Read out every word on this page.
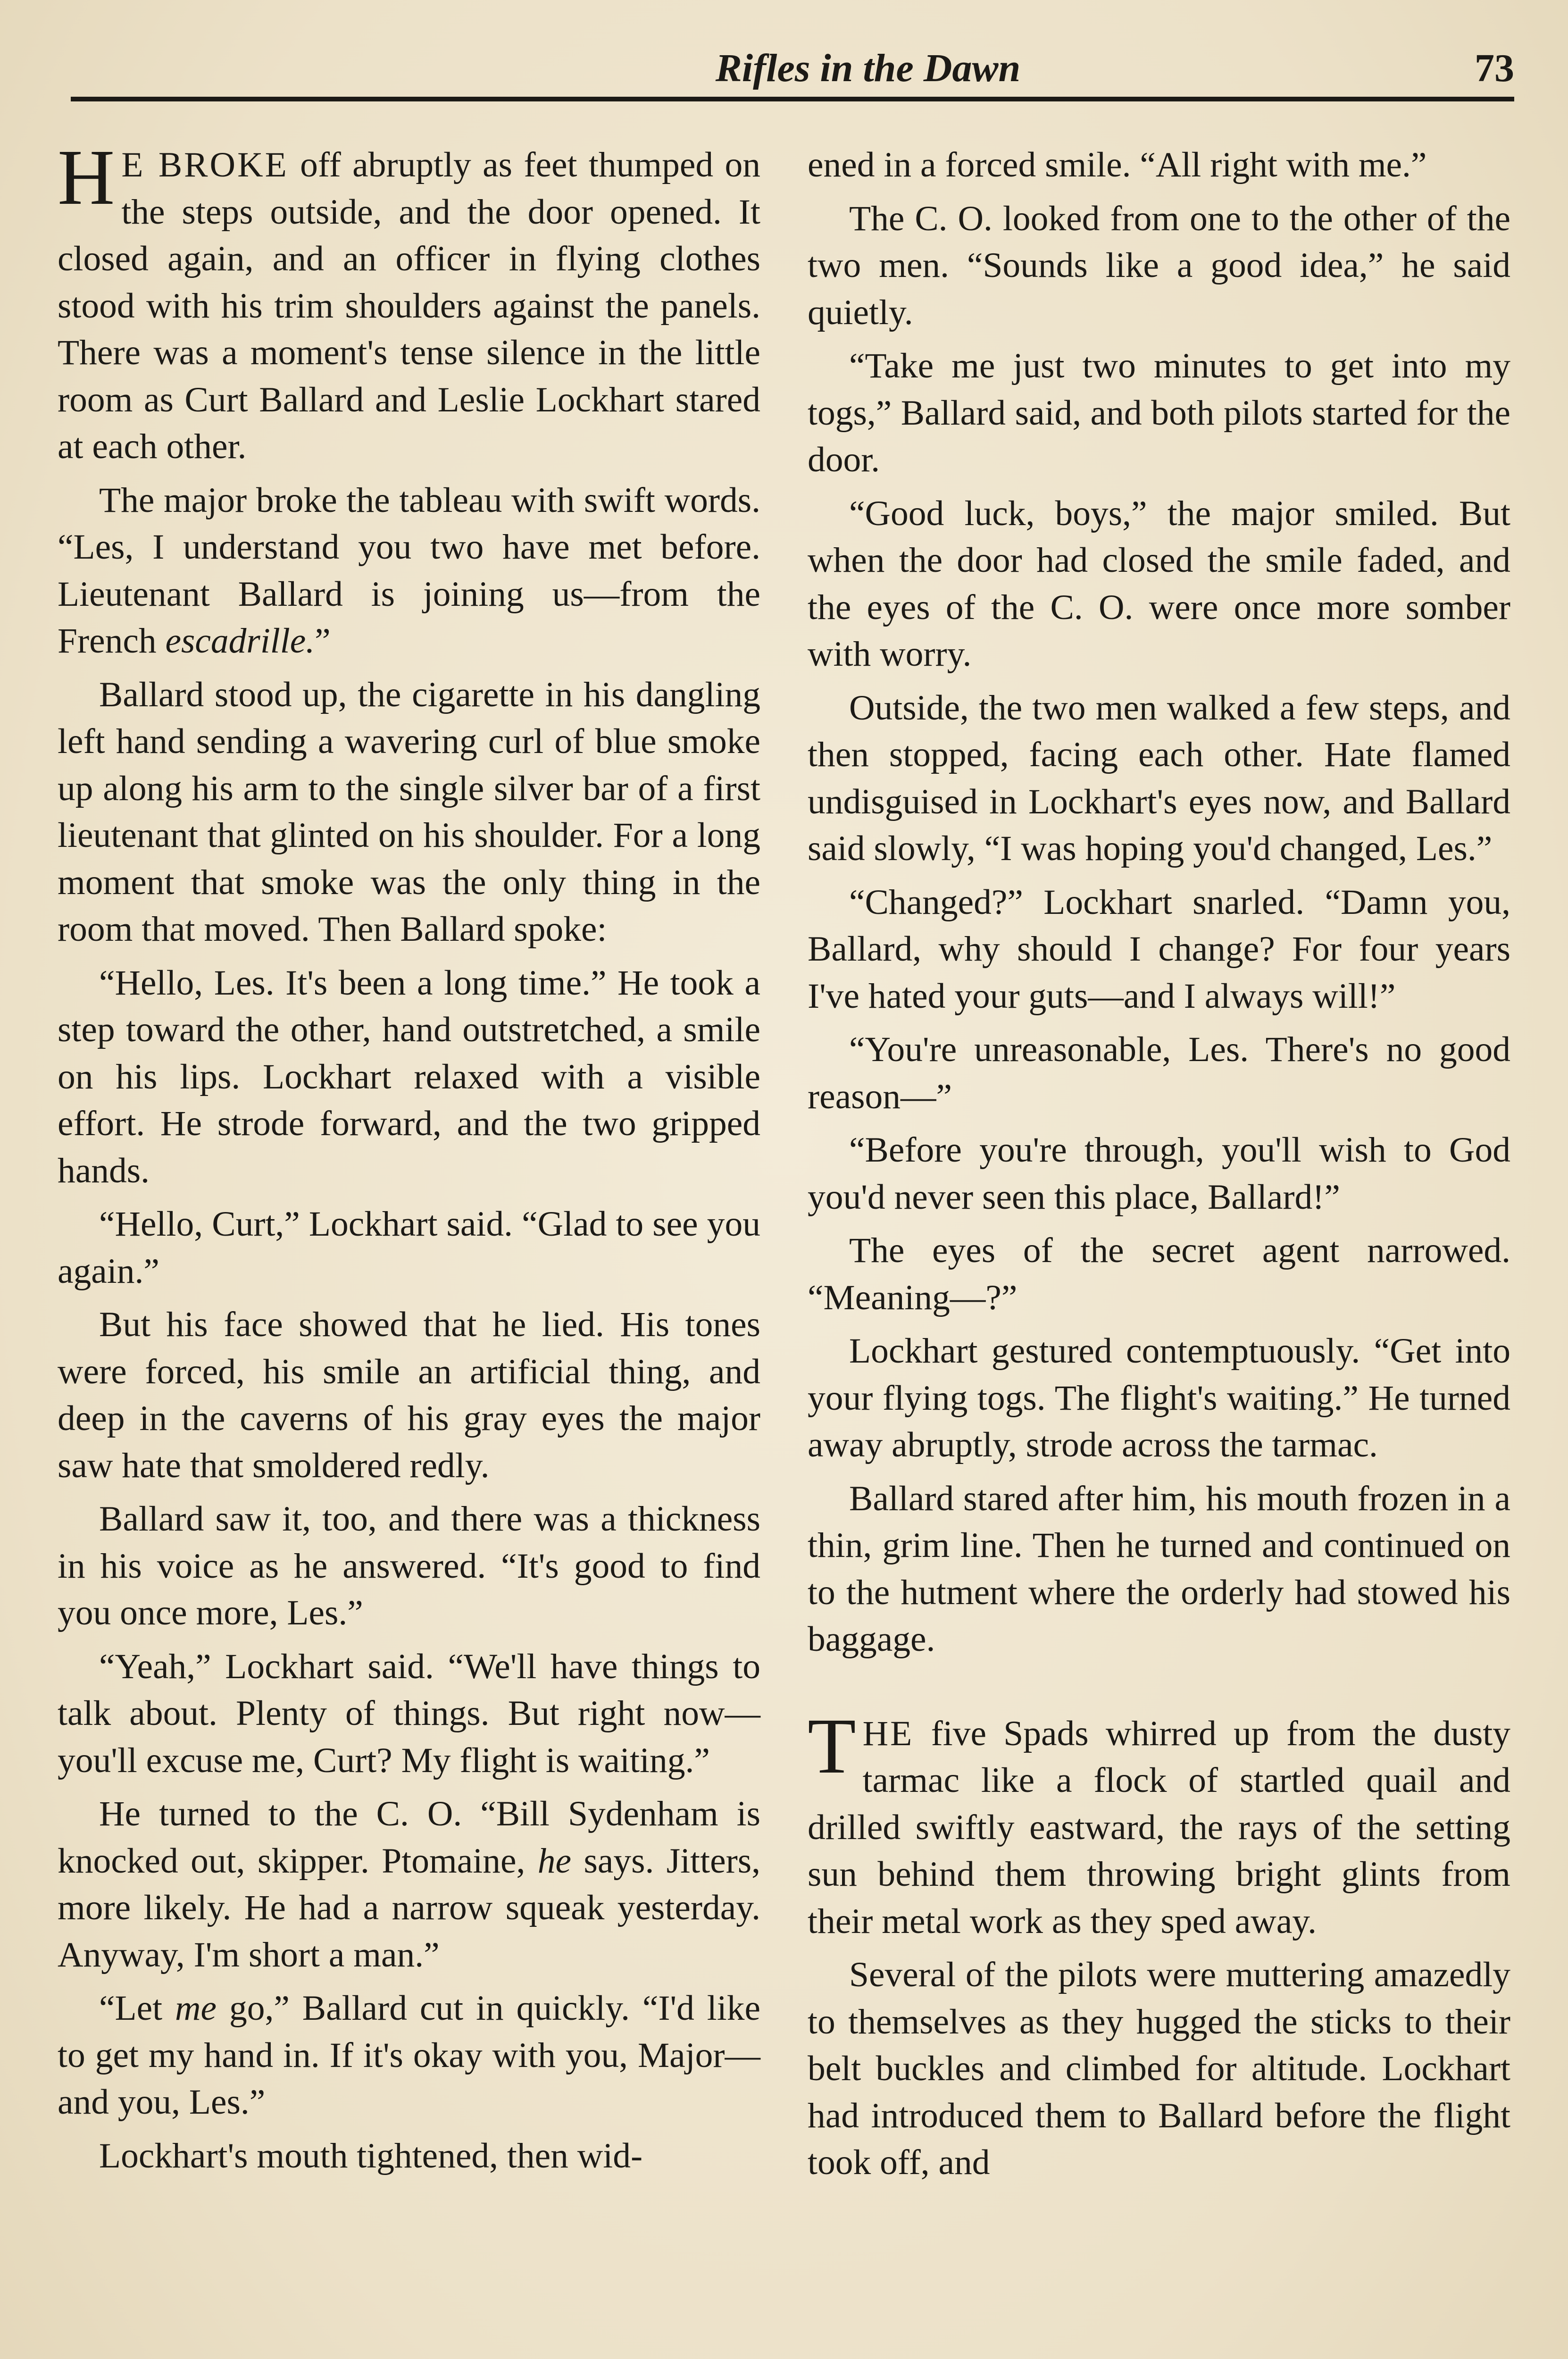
Rifles in the Dawn	73

H E BROKE off abruptly as feet thumped on the steps outside, and the door opened. It closed again, and an officer in flying clothes stood with his trim shoulders against the panels. There was a moment's tense silence in the little room as Curt Ballard and Leslie Lockhart stared at each other.

The major broke the tableau with swift words. “Les, I understand you two have met before. Lieutenant Ballard is joining us—from the French escadrille.”

Ballard stood up, the cigarette in his dangling left hand sending a wavering curl of blue smoke up along his arm to the single silver bar of a first lieutenant that glinted on his shoulder. For a long moment that smoke was the only thing in the room that moved. Then Ballard spoke:

“Hello, Les. It's been a long time.” He took a step toward the other, hand outstretched, a smile on his lips. Lockhart relaxed with a visible effort. He strode forward, and the two gripped hands.

“Hello, Curt,” Lockhart said. “Glad to see you again.”

But his face showed that he lied. His tones were forced, his smile an artificial thing, and deep in the caverns of his gray eyes the major saw hate that smoldered redly.

Ballard saw it, too, and there was a thickness in his voice as he answered. “It's good to find you once more, Les.”

“Yeah,” Lockhart said. “We'll have things to talk about. Plenty of things. But right now—you'll excuse me, Curt? My flight is waiting.”

He turned to the C. O. “Bill Sydenham is knocked out, skipper. Ptomaine, he says. Jitters, more likely. He had a narrow squeak yesterday. Anyway, I'm short a man.”

“Let me go,” Ballard cut in quickly. “I'd like to get my hand in. If it's okay with you, Major—and you, Les.”

Lockhart's mouth tightened, then wid-

ened in a forced smile. “All right with me.”

The C. O. looked from one to the other of the two men. “Sounds like a good idea,” he said quietly.

“Take me just two minutes to get into my togs,” Ballard said, and both pilots started for the door.

“Good luck, boys,” the major smiled. But when the door had closed the smile faded, and the eyes of the C. O. were once more somber with worry.

Outside, the two men walked a few steps, and then stopped, facing each other. Hate flamed undisguised in Lockhart's eyes now, and Ballard said slowly, “I was hoping you'd changed, Les.”

“Changed?” Lockhart snarled. “Damn you, Ballard, why should I change? For four years I've hated your guts—and I always will!”

“You're unreasonable, Les. There's no good reason—”

“Before you're through, you'll wish to God you'd never seen this place, Ballard!”

The eyes of the secret agent narrowed. “Meaning—?”

Lockhart gestured contemptuously. “Get into your flying togs. The flight's waiting.” He turned away abruptly, strode across the tarmac.

Ballard stared after him, his mouth frozen in a thin, grim line. Then he turned and continued on to the hutment where the orderly had stowed his baggage.

THE five Spads whirred up from the dusty tarmac like a flock of startled quail and drilled swiftly eastward, the rays of the setting sun behind them throwing bright glints from their metal work as they sped away.

Several of the pilots were muttering amazedly to themselves as they hugged the sticks to their belt buckles and climbed for altitude. Lockhart had introduced them to Ballard before the flight took off, and
